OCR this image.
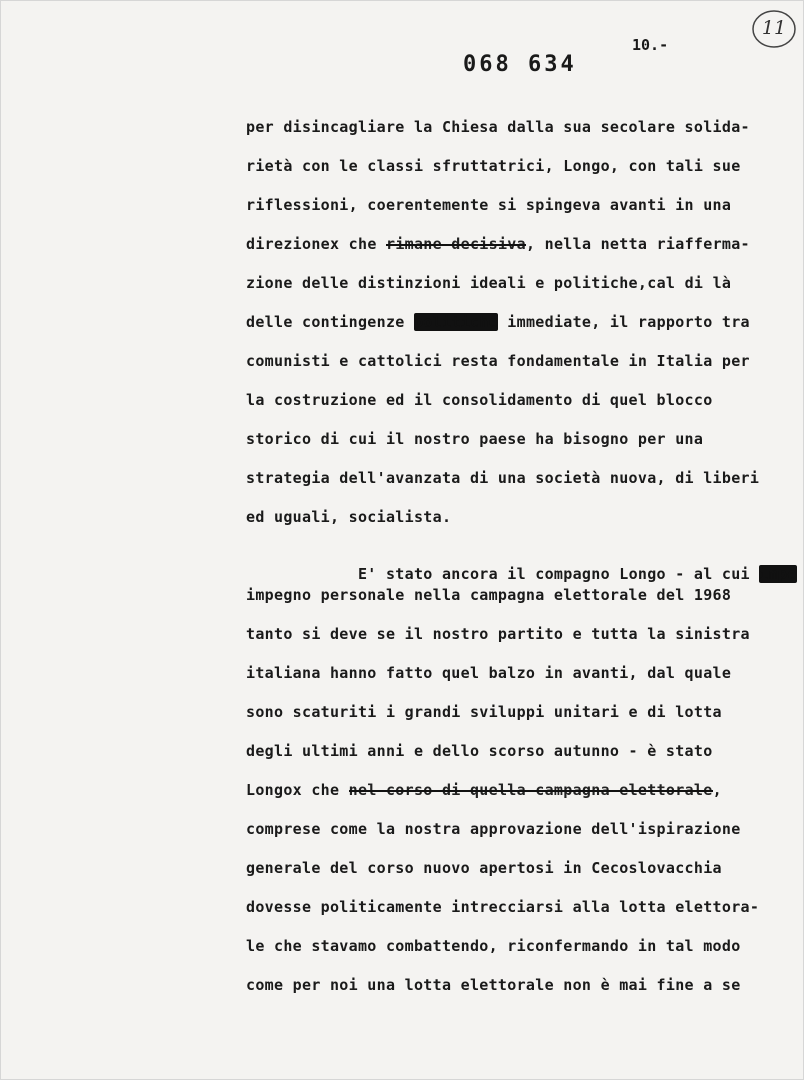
068 634
10.-
11
per disincagliare la Chiesa dalla sua secolare solida-
rietà con le classi sfruttatrici, Longo, con tali sue
riflessioni, coerentemente si spingeva avanti in una
direzionex che rimane decisiva, nella netta riafferma-
zione delle distinzioni ideali e politiche,cal di là
delle contingenze politiche immediate, il rapporto tra
comunisti e cattolici resta fondamentale in Italia per
la costruzione ed il consolidamento di quel blocco
storico di cui il nostro paese ha bisogno per una
strategia dell'avanzata di una società nuova, di liberi
ed uguali, socialista.

E' stato ancora il compagno Longo - al cui impe

impegno personale nella campagna elettorale del 1968
tanto si deve se il nostro partito e tutta la sinistra
italiana hanno fatto quel balzo in avanti, dal quale
sono scaturiti i grandi sviluppi unitari e di lotta
degli ultimi anni e dello scorso autunno - è stato
Longox che nel corso di quella campagna elettorale,
comprese come la nostra approvazione dell'ispirazione
generale del corso nuovo apertosi in Cecoslovacchia
dovesse politicamente intrecciarsi alla lotta elettora-
le che stavamo combattendo, riconfermando in tal modo
come per noi una lotta elettorale non è mai fine a se
